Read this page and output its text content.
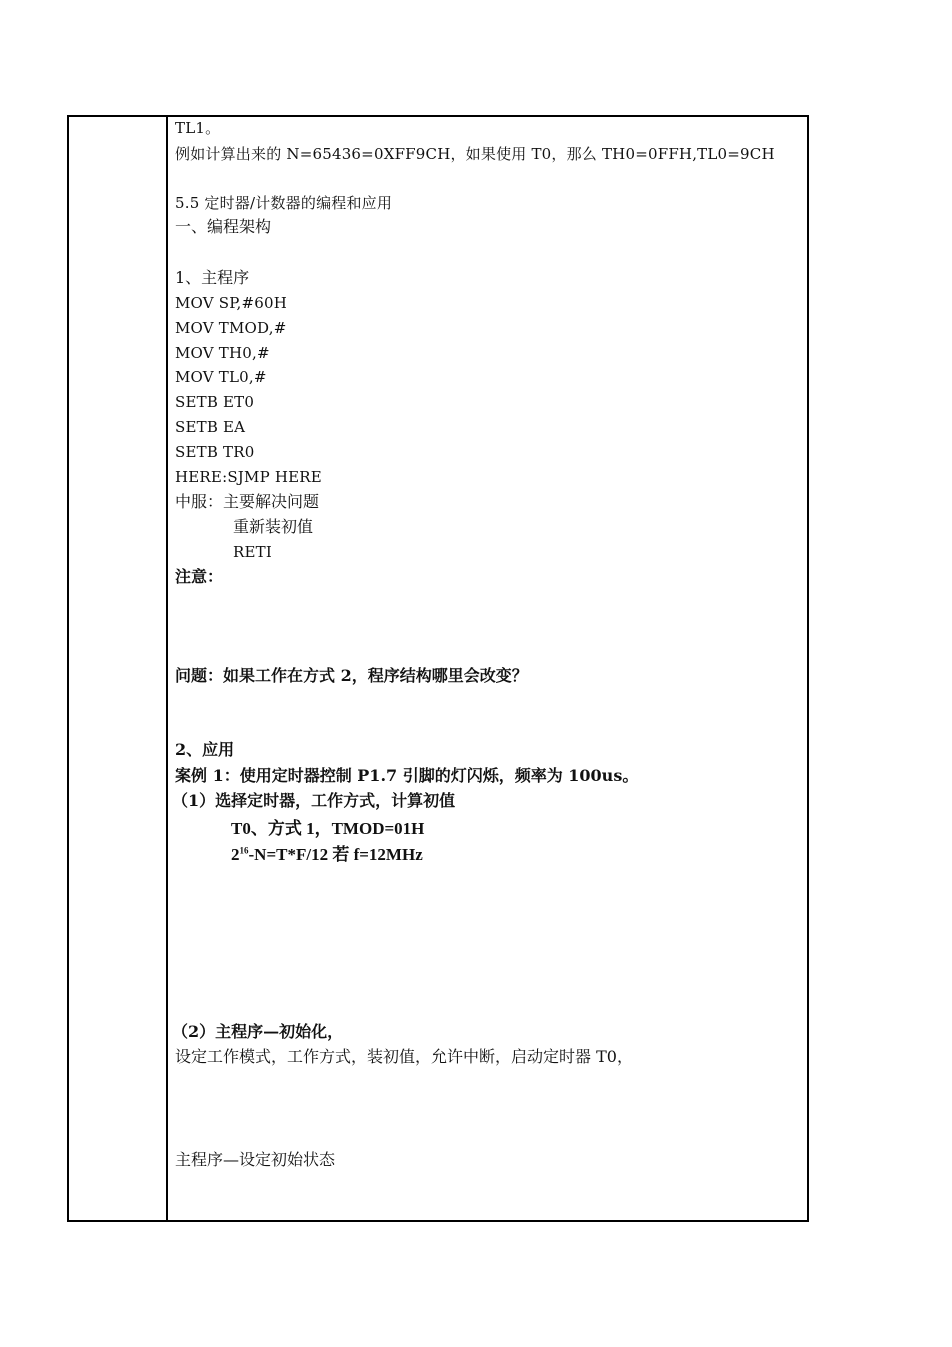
TL1。
例如计算出来的 N=65436=0XFF9CH，如果使用 T0，那么 TH0=0FFH,TL0=9CH
5.5 定时器/计数器的编程和应用
一、编程架构
1、主程序
MOV SP,#60H
MOV TMOD,#
MOV TH0,#
MOV TL0,#
SETB ET0
SETB EA
SETB TR0
HERE:SJMP HERE
中服：主要解决问题
重新装初值
RETI
注意：
问题：如果工作在方式 2，程序结构哪里会改变？
2、应用
案例 1：使用定时器控制 P1.7 引脚的灯闪烁，频率为 100us。
（1）选择定时器，工作方式，计算初值
T0、方式 1，TMOD=01H
$2^{16}-N=T*F/12$ 若 f=12MHz
（2）主程序—初始化，
设定工作模式，工作方式，装初值，允许中断，启动定时器 T0，
主程序—设定初始状态
